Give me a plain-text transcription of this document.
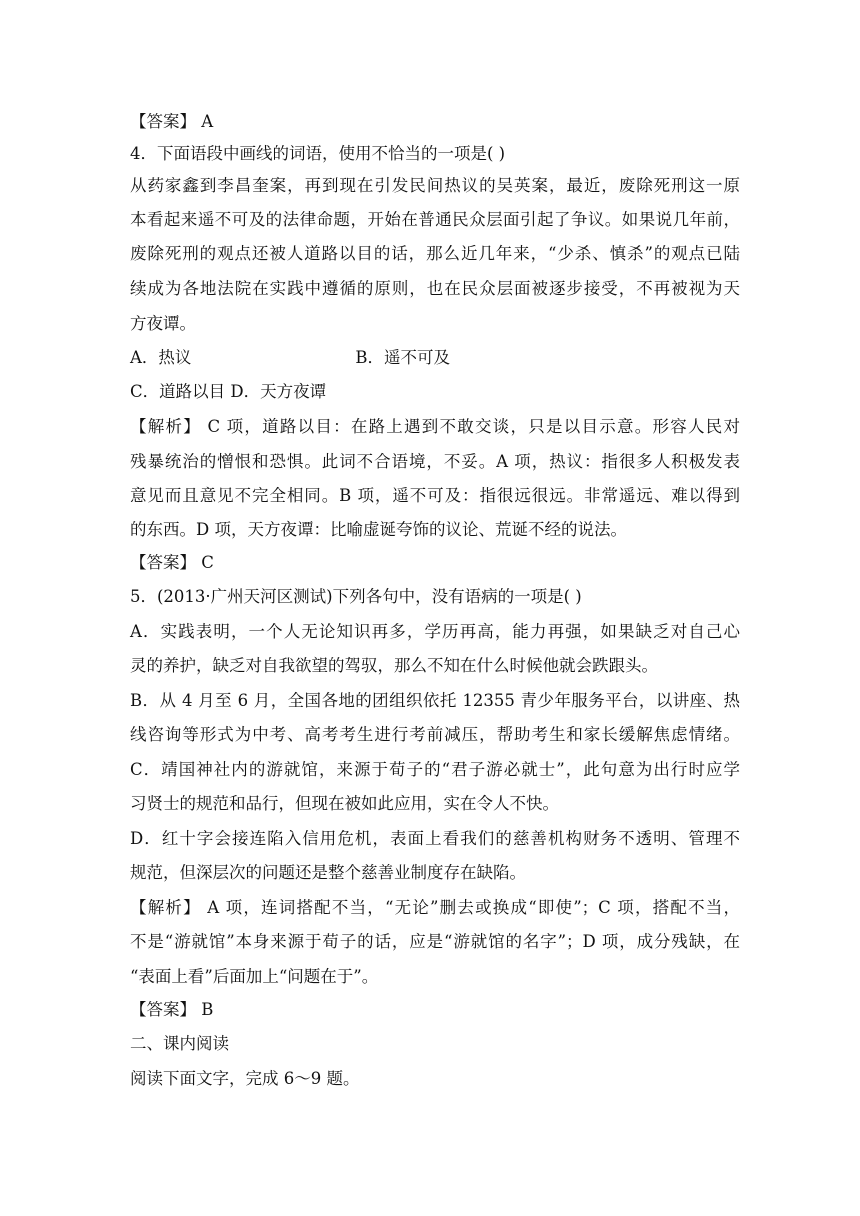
【答案】 A
4．下面语段中画线的词语，使用不恰当的一项是( )
从药家鑫到李昌奎案，再到现在引发民间热议的吴英案，最近，废除死刑这一原
本看起来遥不可及的法律命题，开始在普通民众层面引起了争议。如果说几年前，
废除死刑的观点还被人道路以目的话，那么近几年来，“少杀、慎杀”的观点已陆
续成为各地法院在实践中遵循的原则，也在民众层面被逐步接受，不再被视为天
方夜谭。
A．热议	B．遥不可及
C．道路以目 D．天方夜谭
【解析】 C 项，道路以目：在路上遇到不敢交谈，只是以目示意。形容人民对
残暴统治的憎恨和恐惧。此词不合语境，不妥。A 项，热议：指很多人积极发表
意见而且意见不完全相同。B 项，遥不可及：指很远很远。非常遥远、难以得到
的东西。D 项，天方夜谭：比喻虚诞夸饰的议论、荒诞不经的说法。
【答案】 C
5．(2013·广州天河区测试)下列各句中，没有语病的一项是( )
A．实践表明，一个人无论知识再多，学历再高，能力再强，如果缺乏对自己心
灵的养护，缺乏对自我欲望的驾驭，那么不知在什么时候他就会跌跟头。
B．从 4 月至 6 月，全国各地的团组织依托 12355 青少年服务平台，以讲座、热
线咨询等形式为中考、高考考生进行考前减压，帮助考生和家长缓解焦虑情绪。
C．靖国神社内的游就馆，来源于荀子的“君子游必就士”，此句意为出行时应学
习贤士的规范和品行，但现在被如此应用，实在令人不快。
D．红十字会接连陷入信用危机，表面上看我们的慈善机构财务不透明、管理不
规范，但深层次的问题还是整个慈善业制度存在缺陷。
【解析】 A 项，连词搭配不当，“无论”删去或换成“即使”；C 项，搭配不当，
不是“游就馆”本身来源于荀子的话，应是“游就馆的名字”；D 项，成分残缺，在
“表面上看”后面加上“问题在于”。
【答案】 B
二、课内阅读
阅读下面文字，完成 6～9 题。
